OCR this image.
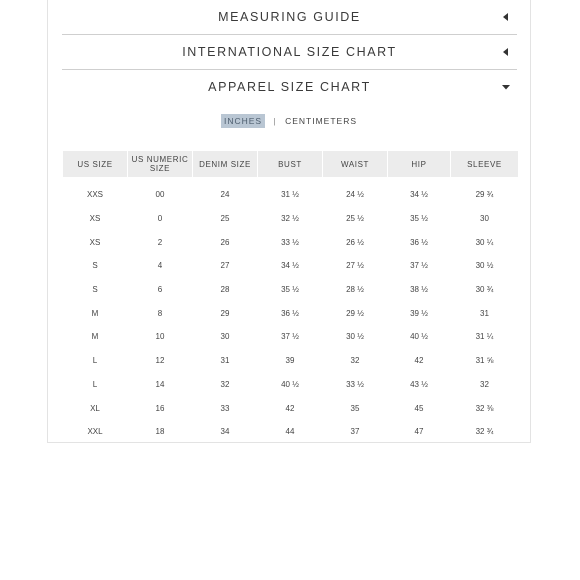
MEASURING GUIDE
INTERNATIONAL SIZE CHART
APPAREL SIZE CHART
INCHES | CENTIMETERS
US SIZE	US NUMERIC SIZE	DENIM SIZE	BUST	WAIST	HIP	SLEEVE
XXS	00	24	31 ½	24 ½	34 ½	29 ¾
XS	0	25	32 ½	25 ½	35 ½	30
XS	2	26	33 ½	26 ½	36 ½	30 ¼
S	4	27	34 ½	27 ½	37 ½	30 ½
S	6	28	35 ½	28 ½	38 ½	30 ¾
M	8	29	36 ½	29 ½	39 ½	31
M	10	30	37 ½	30 ½	40 ½	31 ¼
L	12	31	39	32	42	31 ⅝
L	14	32	40 ½	33 ½	43 ½	32
XL	16	33	42	35	45	32 ⅜
XXL	18	34	44	37	47	32 ¾
